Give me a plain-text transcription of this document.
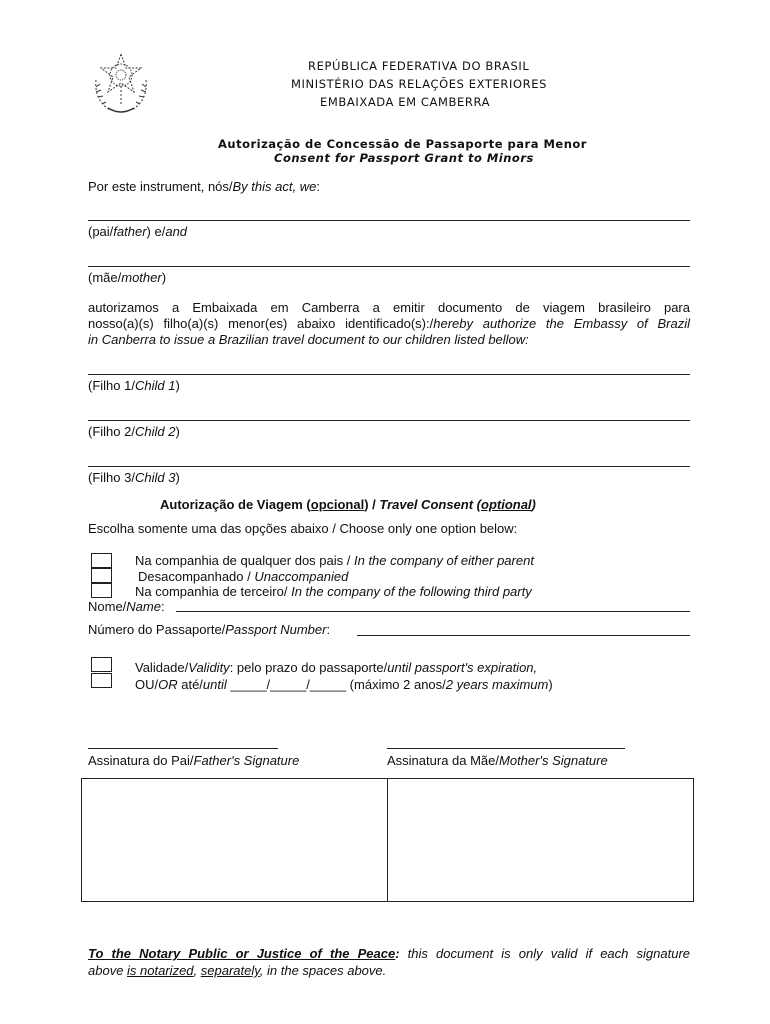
REPÚBLICA FEDERATIVA DO BRASIL
MINISTÉRIO DAS RELAÇÕES EXTERIORES
EMBAIXADA EM CAMBERRA
Autorização de Concessão de Passaporte para Menor
Consent for Passport Grant to Minors
Por este instrument, nós/By this act, we:
(pai/father) e/and
(mãe/mother)
autorizamos a Embaixada em Camberra a emitir documento de viagem brasileiro para
nosso(a)(s) filho(a)(s) menor(es) abaixo identificado(s):/hereby authorize the Embassy of Brazil
in Canberra to issue a Brazilian travel document to our children listed bellow:
(Filho 1/Child 1)
(Filho 2/Child 2)
(Filho 3/Child 3)
Autorização de Viagem (opcional) / Travel Consent (optional)
Escolha somente uma das opções abaixo / Choose only one option below:
Na companhia de qualquer dos pais / In the company of either parent
Desacompanhado / Unaccompanied
Na companhia de terceiro/ In the company of the following third party
Nome/Name:
Número do Passaporte/Passport Number:
Validade/Validity: pelo prazo do passaporte/until passport's expiration,
OU/OR até/until _____/_____/_____ (máximo 2 anos/2 years maximum)
Assinatura do Pai/Father's Signature	Assinatura da Mãe/Mother's Signature
To the Notary Public or Justice of the Peace: this document is only valid if each signature
above is notarized, separately, in the spaces above.
